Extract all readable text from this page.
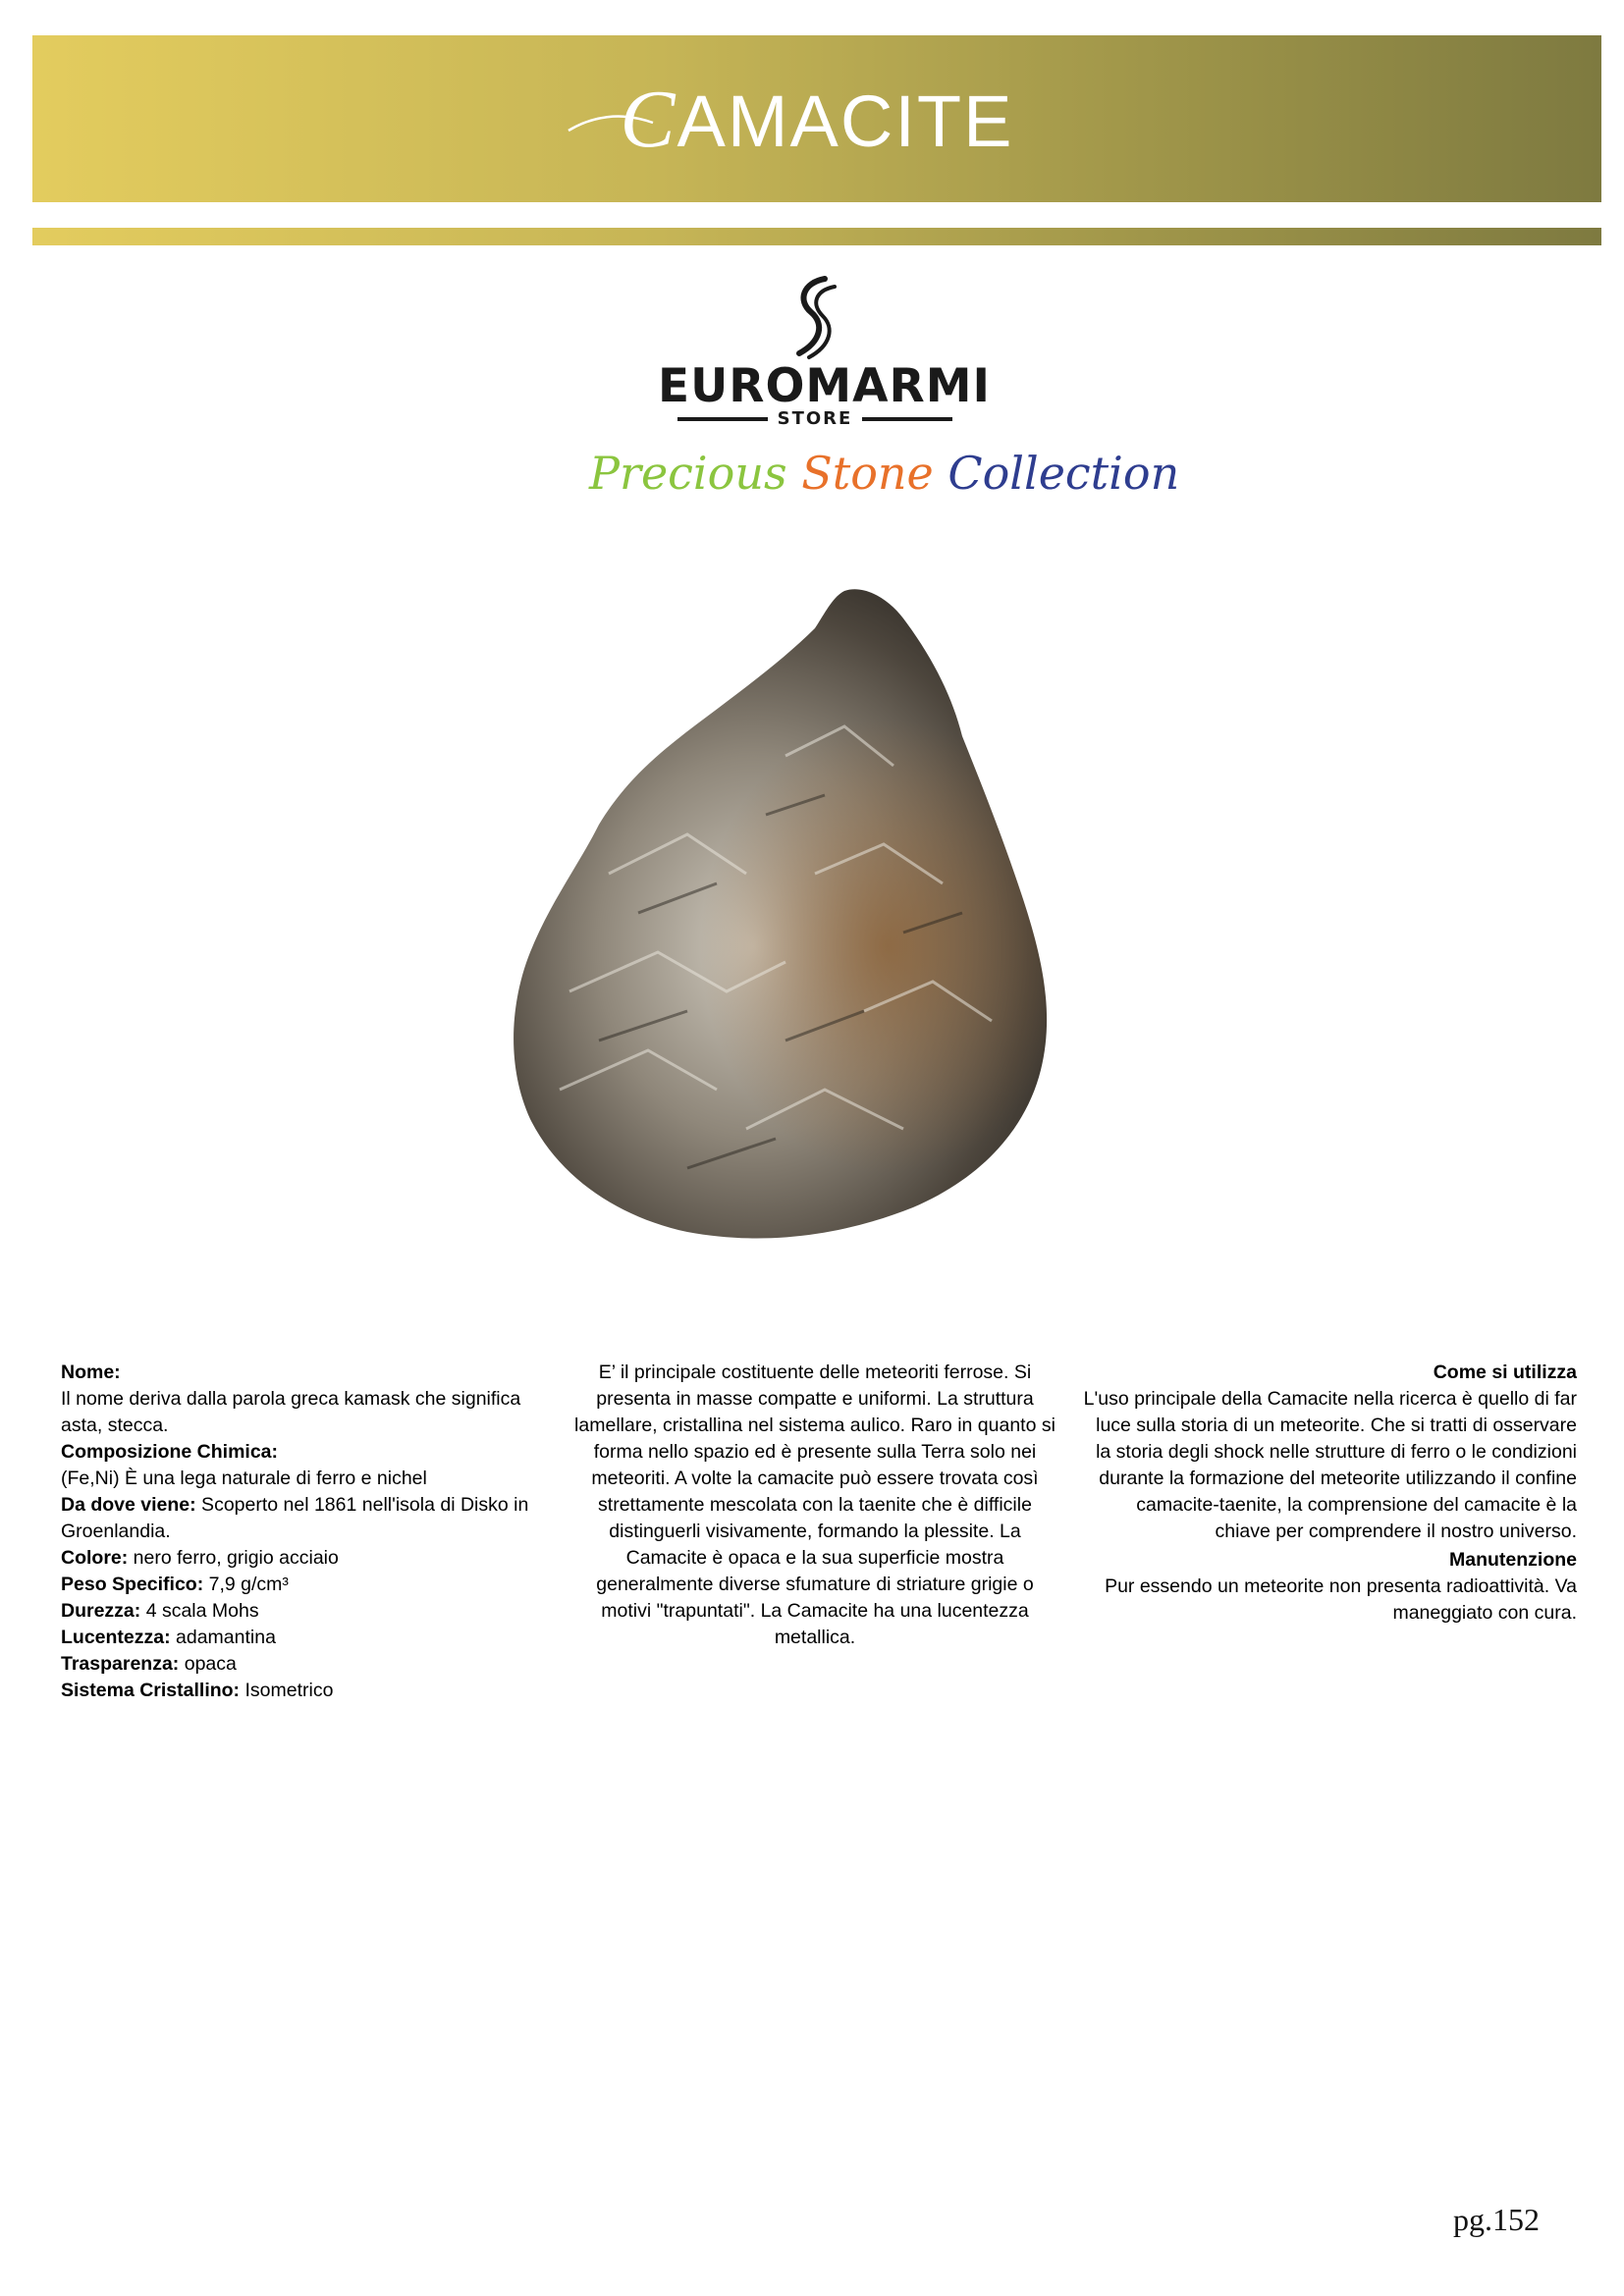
CAMACITE
EUROMARMI
STORE
Precious Stone Collection

Nome:

Il nome deriva dalla parola greca kamask che significa asta, stecca.

Composizione Chimica:

(Fe,Ni) È una lega naturale di ferro e nichel

Da dove viene: Scoperto nel 1861 nell'isola di Disko in Groenlandia.

Colore: nero ferro, grigio acciaio

Peso Specifico: 7,9 g/cm³

Durezza: 4 scala Mohs

Lucentezza: adamantina

Trasparenza: opaca

Sistema Cristallino: Isometrico

E’ il principale costituente delle meteoriti ferrose. Si presenta in masse compatte e uniformi. La struttura lamellare, cristallina nel sistema aulico. Raro in quanto si forma nello spazio ed è presente sulla Terra solo nei meteoriti. A volte la camacite può essere trovata così strettamente mescolata con la taenite che è difficile distinguerli visivamente, formando la plessite. La Camacite è opaca e la sua superficie mostra generalmente diverse sfumature di striature grigie o motivi "trapuntati". La Camacite ha una lucentezza metallica.

Come si utilizza

L'uso principale della Camacite nella ricerca è quello di far luce sulla storia di un meteorite. Che si tratti di osservare la storia degli shock nelle strutture di ferro o le condizioni durante la formazione del meteorite utilizzando il confine camacite-taenite, la comprensione del camacite è la chiave per comprendere il nostro universo.

Manutenzione

Pur essendo un meteorite non presenta radioattività. Va maneggiato con cura.

pg.152
